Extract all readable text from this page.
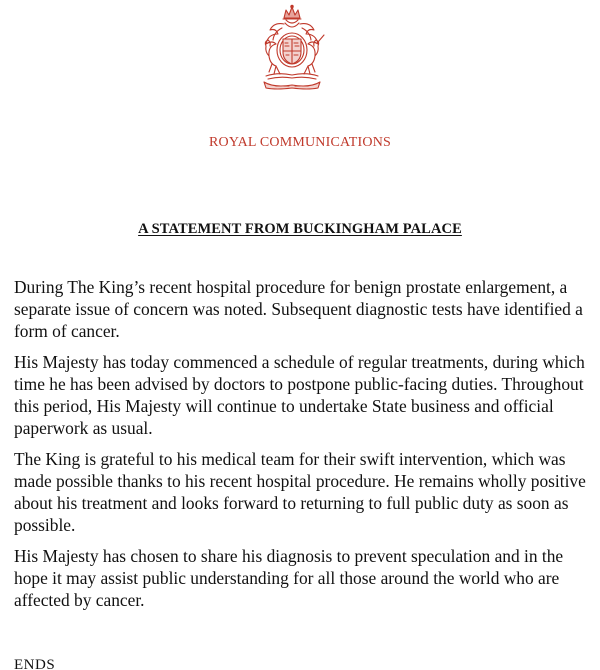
ROYAL COMMUNICATIONS
A STATEMENT FROM BUCKINGHAM PALACE

During The King’s recent hospital procedure for benign prostate enlargement, a separate issue of concern was noted. Subsequent diagnostic tests have identified a form of cancer.

His Majesty has today commenced a schedule of regular treatments, during which time he has been advised by doctors to postpone public-facing duties. Throughout this period, His Majesty will continue to undertake State business and official paperwork as usual.

The King is grateful to his medical team for their swift intervention, which was made possible thanks to his recent hospital procedure. He remains wholly positive about his treatment and looks forward to returning to full public duty as soon as possible.

His Majesty has chosen to share his diagnosis to prevent speculation and in the hope it may assist public understanding for all those around the world who are affected by cancer.

ENDS
